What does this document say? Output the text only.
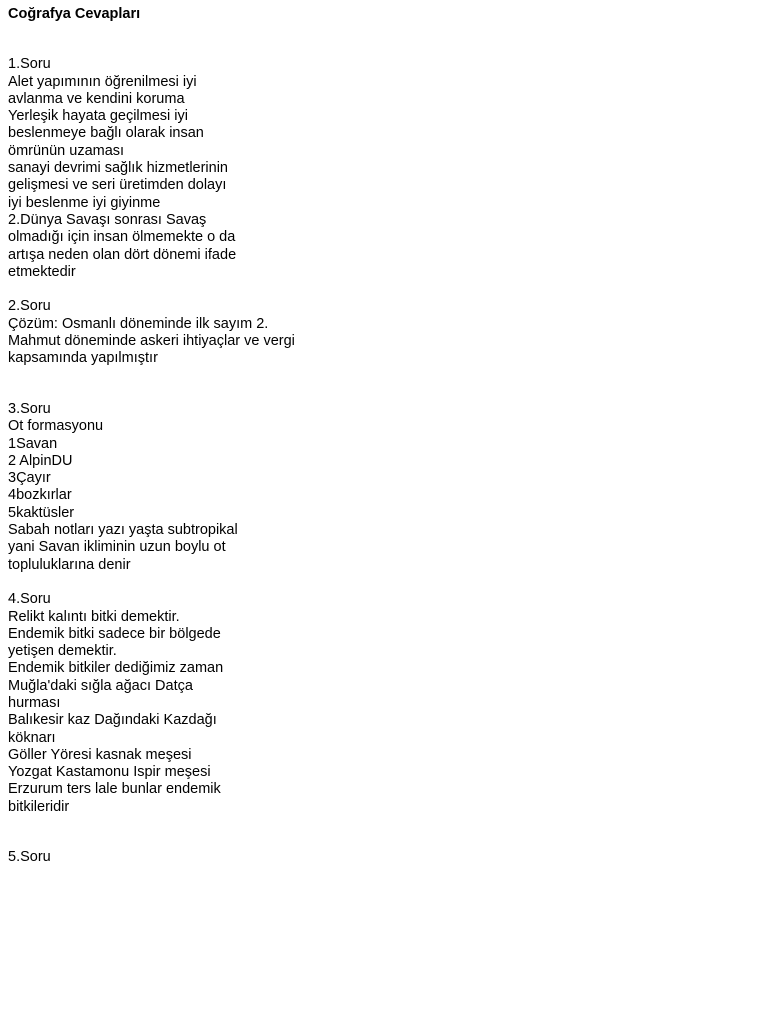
Coğrafya Cevapları
1.Soru
Alet yapımının öğrenilmesi iyi
avlanma ve kendini koruma
Yerleşik hayata geçilmesi iyi
beslenmeye bağlı olarak insan
ömrünün uzaması
sanayi devrimi sağlık hizmetlerinin
gelişmesi ve seri üretimden dolayı
iyi beslenme iyi giyinme
2.Dünya Savaşı sonrası Savaş
olmadığı için insan ölmemekte o da
artışa neden olan dört dönemi ifade
etmektedir
2.Soru
Çözüm: Osmanlı döneminde ilk sayım 2.
Mahmut döneminde askeri ihtiyaçlar ve vergi
kapsamında yapılmıştır
3.Soru
Ot formasyonu
1Savan
2 AlpinDU
3Çayır
4bozkırlar
5kaktüsler
Sabah notları yazı yaşta subtropikal
yani Savan ikliminin uzun boylu ot
topluluklarına denir
4.Soru
Relikt kalıntı bitki demektir.
Endemik bitki sadece bir bölgede
yetişen demektir.
Endemik bitkiler dediğimiz zaman
Muğla'daki sığla ağacı Datça
hurması
Balıkesir kaz Dağındaki Kazdağı
köknarı
Göller Yöresi kasnak meşesi
Yozgat Kastamonu Ispir meşesi
Erzurum ters lale bunlar endemik
bitkileridir
5.Soru
